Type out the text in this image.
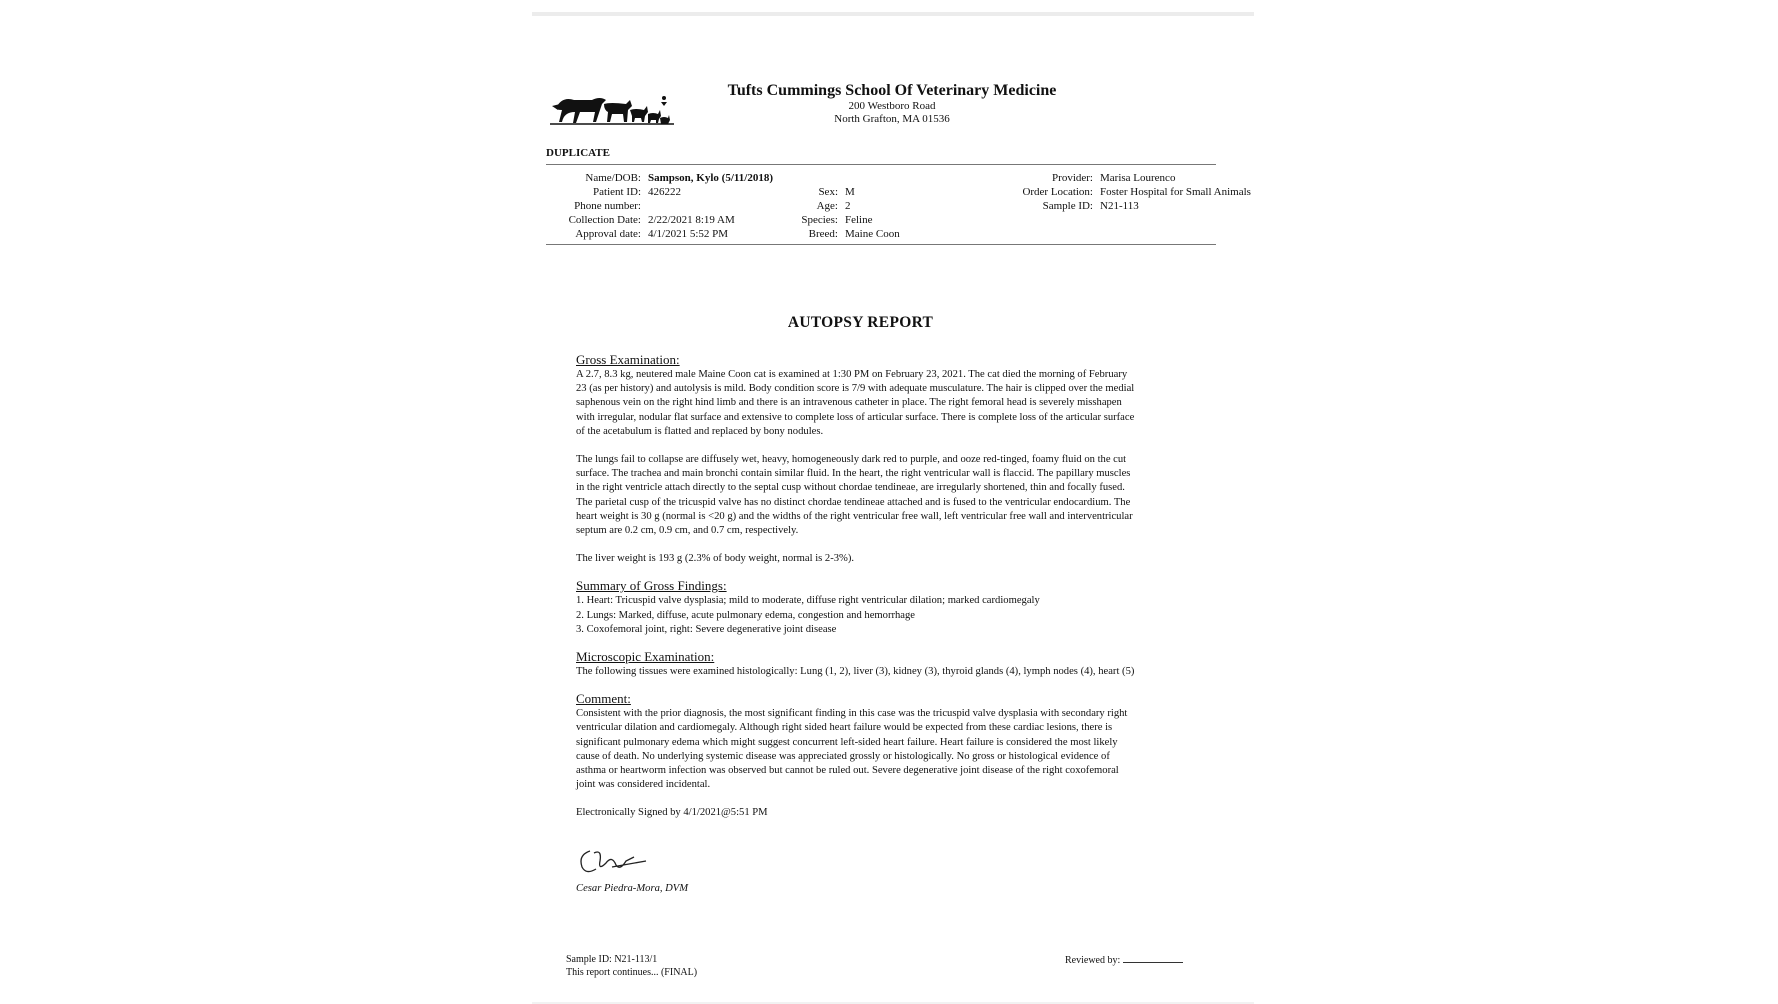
Tufts Cummings School Of Veterinary Medicine
200 Westboro Road
North Grafton, MA 01536
DUPLICATE
Name/DOB: Sampson, Kylo (5/11/2018)
Patient ID: 426222
Phone number:
Collection Date: 2/22/2021 8:19 AM
Approval date: 4/1/2021 5:52 PM

Sex: M
Age: 2
Species: Feline
Breed: Maine Coon
Provider: Marisa Lourenco
Order Location: Foster Hospital for Small Animals
Sample ID: N21-113
AUTOPSY REPORT
Gross Examination:

A 2.7, 8.3 kg, neutered male Maine Coon cat is examined at 1:30 PM on February 23, 2021. The cat died the morning of February 23 (as per history) and autolysis is mild. Body condition score is 7/9 with adequate musculature. The hair is clipped over the medial saphenous vein on the right hind limb and there is an intravenous catheter in place. The right femoral head is severely misshapen with irregular, nodular flat surface and extensive to complete loss of articular surface. There is complete loss of the articular surface of the acetabulum is flatted and replaced by bony nodules.

The lungs fail to collapse are diffusely wet, heavy, homogeneously dark red to purple, and ooze red-tinged, foamy fluid on the cut surface. The trachea and main bronchi contain similar fluid. In the heart, the right ventricular wall is flaccid. The papillary muscles in the right ventricle attach directly to the septal cusp without chordae tendineae, are irregularly shortened, thin and focally fused. The parietal cusp of the tricuspid valve has no distinct chordae tendineae attached and is fused to the ventricular endocardium. The heart weight is 30 g (normal is <20 g) and the widths of the right ventricular free wall, left ventricular free wall and interventricular septum are 0.2 cm, 0.9 cm, and 0.7 cm, respectively.

The liver weight is 193 g (2.3% of body weight, normal is 2-3%).

Summary of Gross Findings:

1. Heart: Tricuspid valve dysplasia; mild to moderate, diffuse right ventricular dilation; marked cardiomegaly

2. Lungs: Marked, diffuse, acute pulmonary edema, congestion and hemorrhage

3. Coxofemoral joint, right: Severe degenerative joint disease

Microscopic Examination:

The following tissues were examined histologically: Lung (1, 2), liver (3), kidney (3), thyroid glands (4), lymph nodes (4), heart (5)

Comment:

Consistent with the prior diagnosis, the most significant finding in this case was the tricuspid valve dysplasia with secondary right ventricular dilation and cardiomegaly. Although right sided heart failure would be expected from these cardiac lesions, there is significant pulmonary edema which might suggest concurrent left-sided heart failure. Heart failure is considered the most likely cause of death. No underlying systemic disease was appreciated grossly or histologically. No gross or histological evidence of asthma or heartworm infection was observed but cannot be ruled out. Severe degenerative joint disease of the right coxofemoral joint was considered incidental.

Electronically Signed by 4/1/2021@5:51 PM

Cesar Piedra-Mora, DVM

Sample ID: N21-113/1
This report continues... (FINAL)
Reviewed by:
